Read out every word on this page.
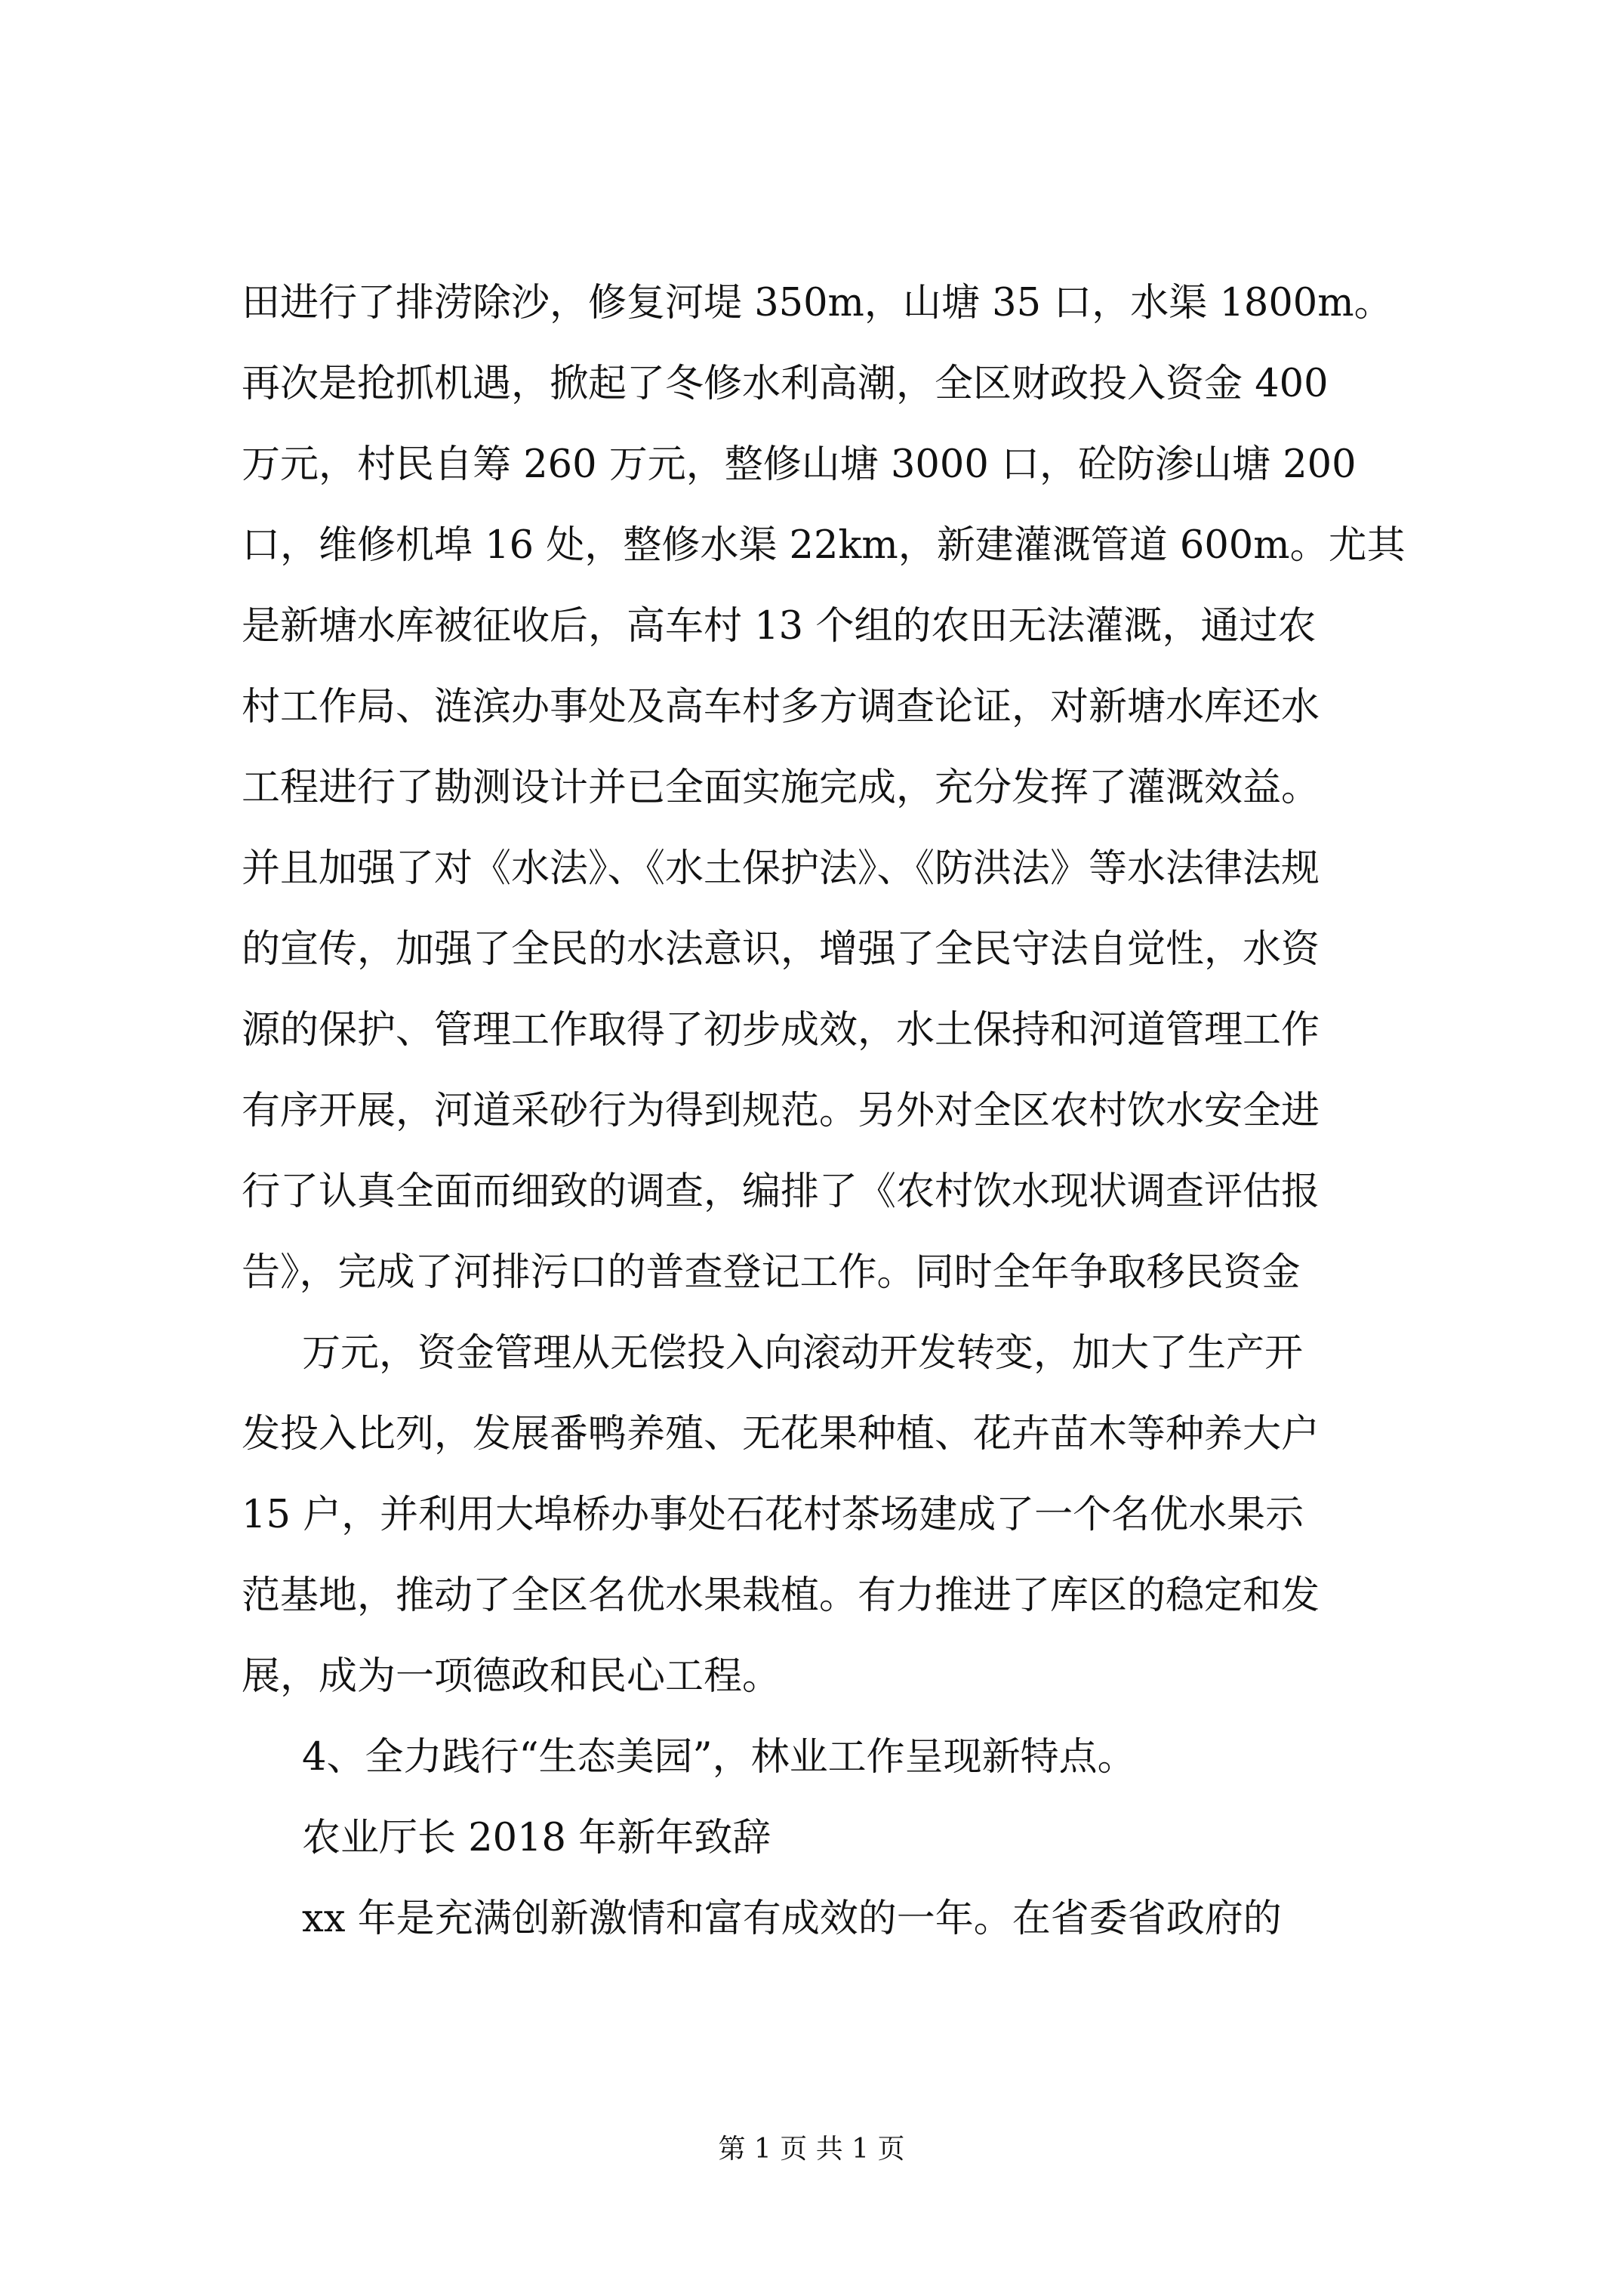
田进行了排涝除沙，修复河堤 350m，山塘 35 口，水渠 1800m。
再次是抢抓机遇，掀起了冬修水利高潮，全区财政投入资金 400
万元，村民自筹 260 万元，整修山塘 3000 口，砼防渗山塘 200
口，维修机埠 16 处，整修水渠 22km，新建灌溉管道 600m。尤其
是新塘水库被征收后，高车村 13 个组的农田无法灌溉，通过农
村工作局、涟滨办事处及高车村多方调查论证，对新塘水库还水
工程进行了勘测设计并已全面实施完成，充分发挥了灌溉效益。
并且加强了对《水法》、《水土保护法》、《防洪法》等水法律法规
的宣传，加强了全民的水法意识，增强了全民守法自觉性，水资
源的保护、管理工作取得了初步成效，水土保持和河道管理工作
有序开展，河道采砂行为得到规范。另外对全区农村饮水安全进
行了认真全面而细致的调查，编排了《农村饮水现状调查评估报
告》，完成了河排污口的普查登记工作。同时全年争取移民资金
万元，资金管理从无偿投入向滚动开发转变，加大了生产开
发投入比列，发展番鸭养殖、无花果种植、花卉苗木等种养大户
15 户，并利用大埠桥办事处石花村茶场建成了一个名优水果示
范基地，推动了全区名优水果栽植。有力推进了库区的稳定和发
展，成为一项德政和民心工程。
4、全力践行“生态美园”，林业工作呈现新特点。
农业厅长 2018 年新年致辞
xx 年是充满创新激情和富有成效的一年。在省委省政府的
第 1 页 共 1 页
